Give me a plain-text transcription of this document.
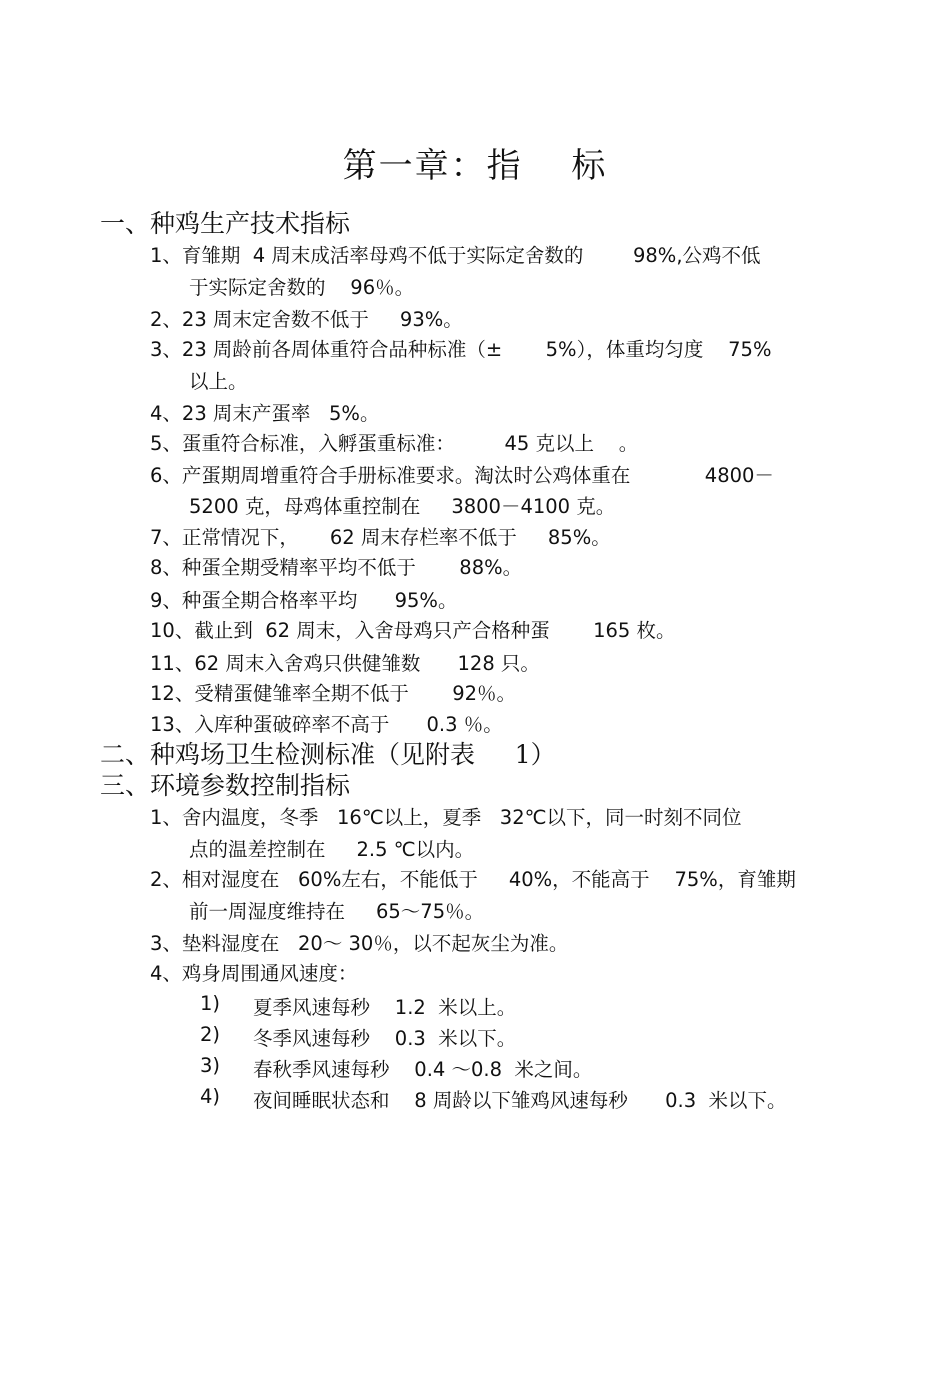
第一章：指　 标
一、种鸡生产技术指标
1、育雏期  4 周末成活率母鸡不低于实际定舍数的        98%,公鸡不低
于实际定舍数的    96％。
2、23 周末定舍数不低于     93%。
3、23 周龄前各周体重符合品种标准（±       5%），体重均匀度    75%
以上。
4、23 周末产蛋率   5%。
5、蛋重符合标准，入孵蛋重标准：        45 克以上    。
6、产蛋期周增重符合手册标准要求。淘汰时公鸡体重在            4800－
5200 克，母鸡体重控制在     3800－4100 克。
7、正常情况下，     62 周末存栏率不低于     85%。
8、种蛋全期受精率平均不低于       88%。
9、种蛋全期合格率平均      95%。
10、截止到  62 周末，入舍母鸡只产合格种蛋       165 枚。
11、62 周末入舍鸡只供健雏数      128 只。
12、受精蛋健雏率全期不低于       92％。
13、入库种蛋破碎率不高于      0.3 ％。
二、种鸡场卫生检测标准（见附表     1）
三、环境参数控制指标
1、舍内温度，冬季   16℃以上，夏季   32℃以下，同一时刻不同位
点的温差控制在     2.5 ℃以内。
2、相对湿度在   60%左右，不能低于     40%，不能高于    75%，育雏期
前一周湿度维持在     65～75％。
3、垫料湿度在   20～ 30％，以不起灰尘为准。
4、鸡身周围通风速度：
1) 夏季风速每秒    1.2  米以上。
2) 冬季风速每秒    0.3  米以下。
3) 春秋季风速每秒    0.4 ～0.8  米之间。
4) 夜间睡眠状态和    8 周龄以下雏鸡风速每秒      0.3  米以下。
